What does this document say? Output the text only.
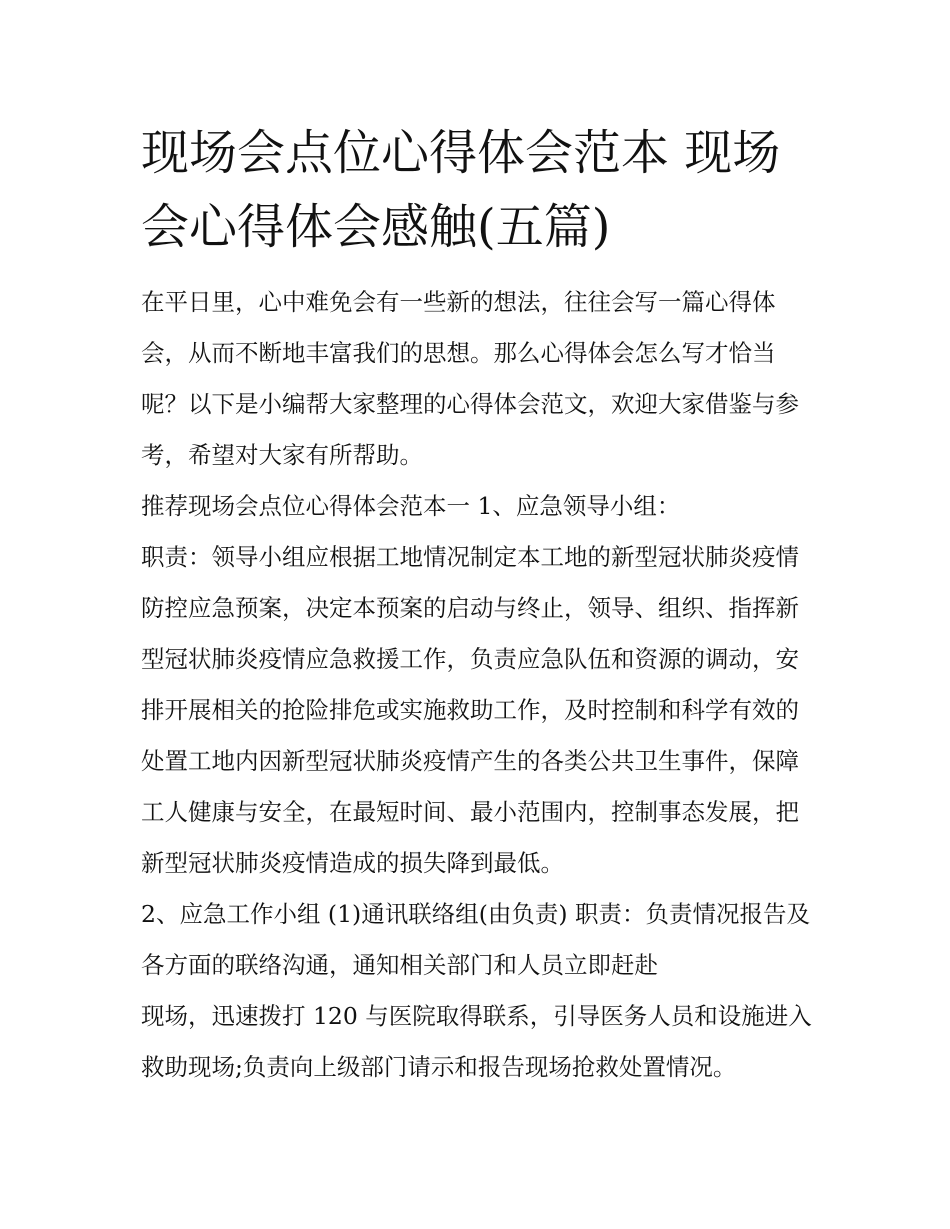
现场会点位心得体会范本 现场会心得体会感触(五篇)

在平日里，心中难免会有一些新的想法，往往会写一篇心得体会，从而不断地丰富我们的思想。那么心得体会怎么写才恰当呢？以下是小编帮大家整理的心得体会范文，欢迎大家借鉴与参考，希望对大家有所帮助。

推荐现场会点位心得体会范本一 1、应急领导小组：

职责：领导小组应根据工地情况制定本工地的新型冠状肺炎疫情防控应急预案，决定本预案的启动与终止，领导、组织、指挥新型冠状肺炎疫情应急救援工作，负责应急队伍和资源的调动，安排开展相关的抢险排危或实施救助工作，及时控制和科学有效的处置工地内因新型冠状肺炎疫情产生的各类公共卫生事件，保障工人健康与安全，在最短时间、最小范围内，控制事态发展，把新型冠状肺炎疫情造成的损失降到最低。

2、应急工作小组 (1)通讯联络组(由负责) 职责：负责情况报告及各方面的联络沟通，通知相关部门和人员立即赶赴

现场，迅速拨打 120 与医院取得联系，引导医务人员和设施进入救助现场;负责向上级部门请示和报告现场抢救处置情况。
